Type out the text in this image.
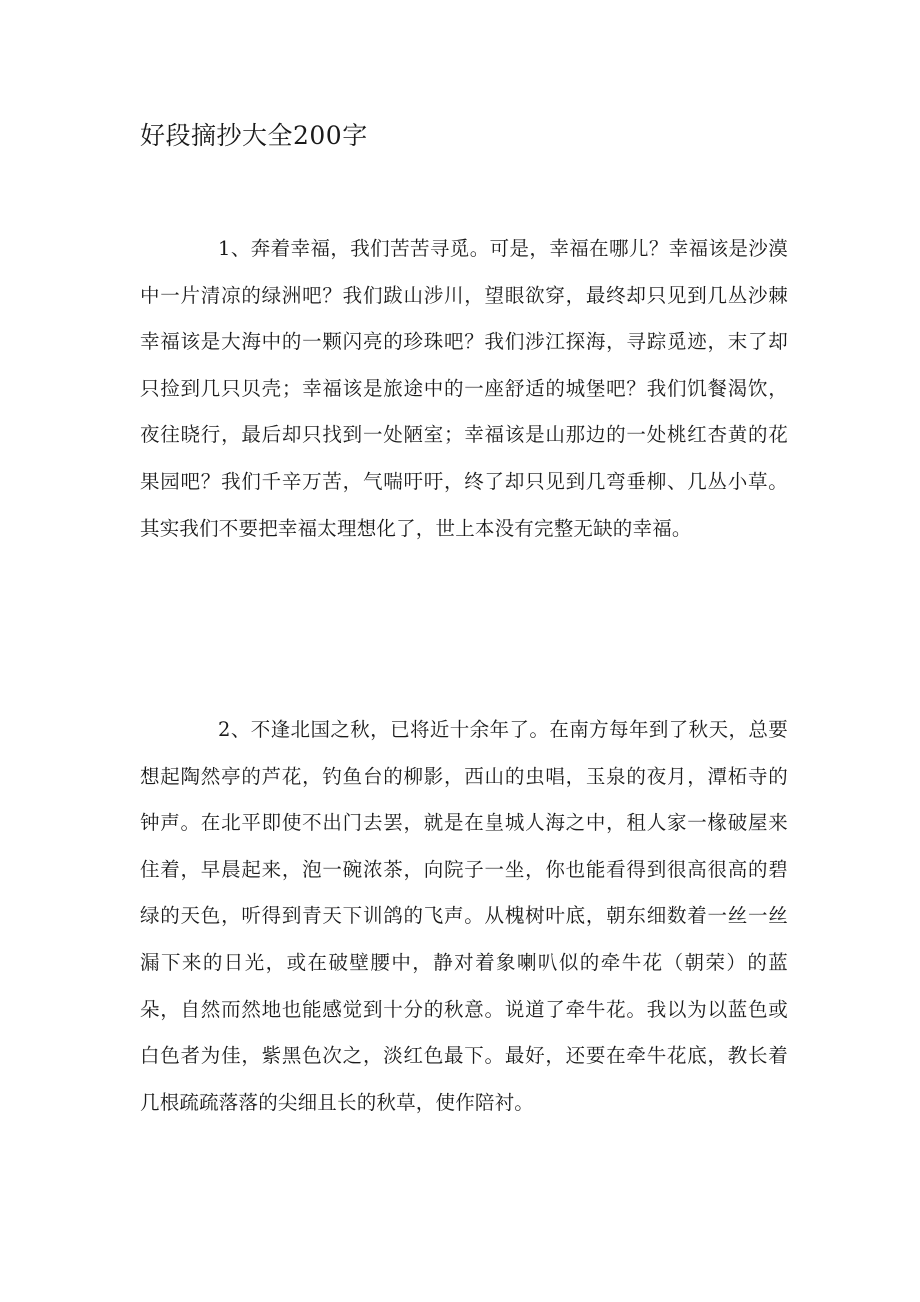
好段摘抄大全200字

1、奔着幸福，我们苦苦寻觅。可是，幸福在哪儿？幸福该是沙漠中一片清凉的绿洲吧？我们跋山涉川，望眼欲穿，最终却只见到几丛沙棘 幸福该是大海中的一颗闪亮的珍珠吧？我们涉江探海，寻踪觅迹，末了却只捡到几只贝壳；幸福该是旅途中的一座舒适的城堡吧？我们饥餐渴饮，夜往晓行，最后却只找到一处陋室；幸福该是山那边的一处桃红杏黄的花果园吧？我们千辛万苦，气喘吁吁，终了却只见到几弯垂柳、几丛小草。其实我们不要把幸福太理想化了，世上本没有完整无缺的幸福。

2、不逢北国之秋，已将近十余年了。在南方每年到了秋天，总要想起陶然亭的芦花，钓鱼台的柳影，西山的虫唱，玉泉的夜月，潭柘寺的钟声。在北平即使不出门去罢，就是在皇城人海之中，租人家一椽破屋来住着，早晨起来，泡一碗浓茶，向院子一坐，你也能看得到很高很高的碧绿的天色，听得到青天下训鸽的飞声。从槐树叶底，朝东细数着一丝一丝漏下来的日光，或在破壁腰中，静对着象喇叭似的牵牛花（朝荣）的蓝朵，自然而然地也能感觉到十分的秋意。说道了牵牛花。我以为以蓝色或白色者为佳，紫黑色次之，淡红色最下。最好，还要在牵牛花底，教长着几根疏疏落落的尖细且长的秋草，使作陪衬。
